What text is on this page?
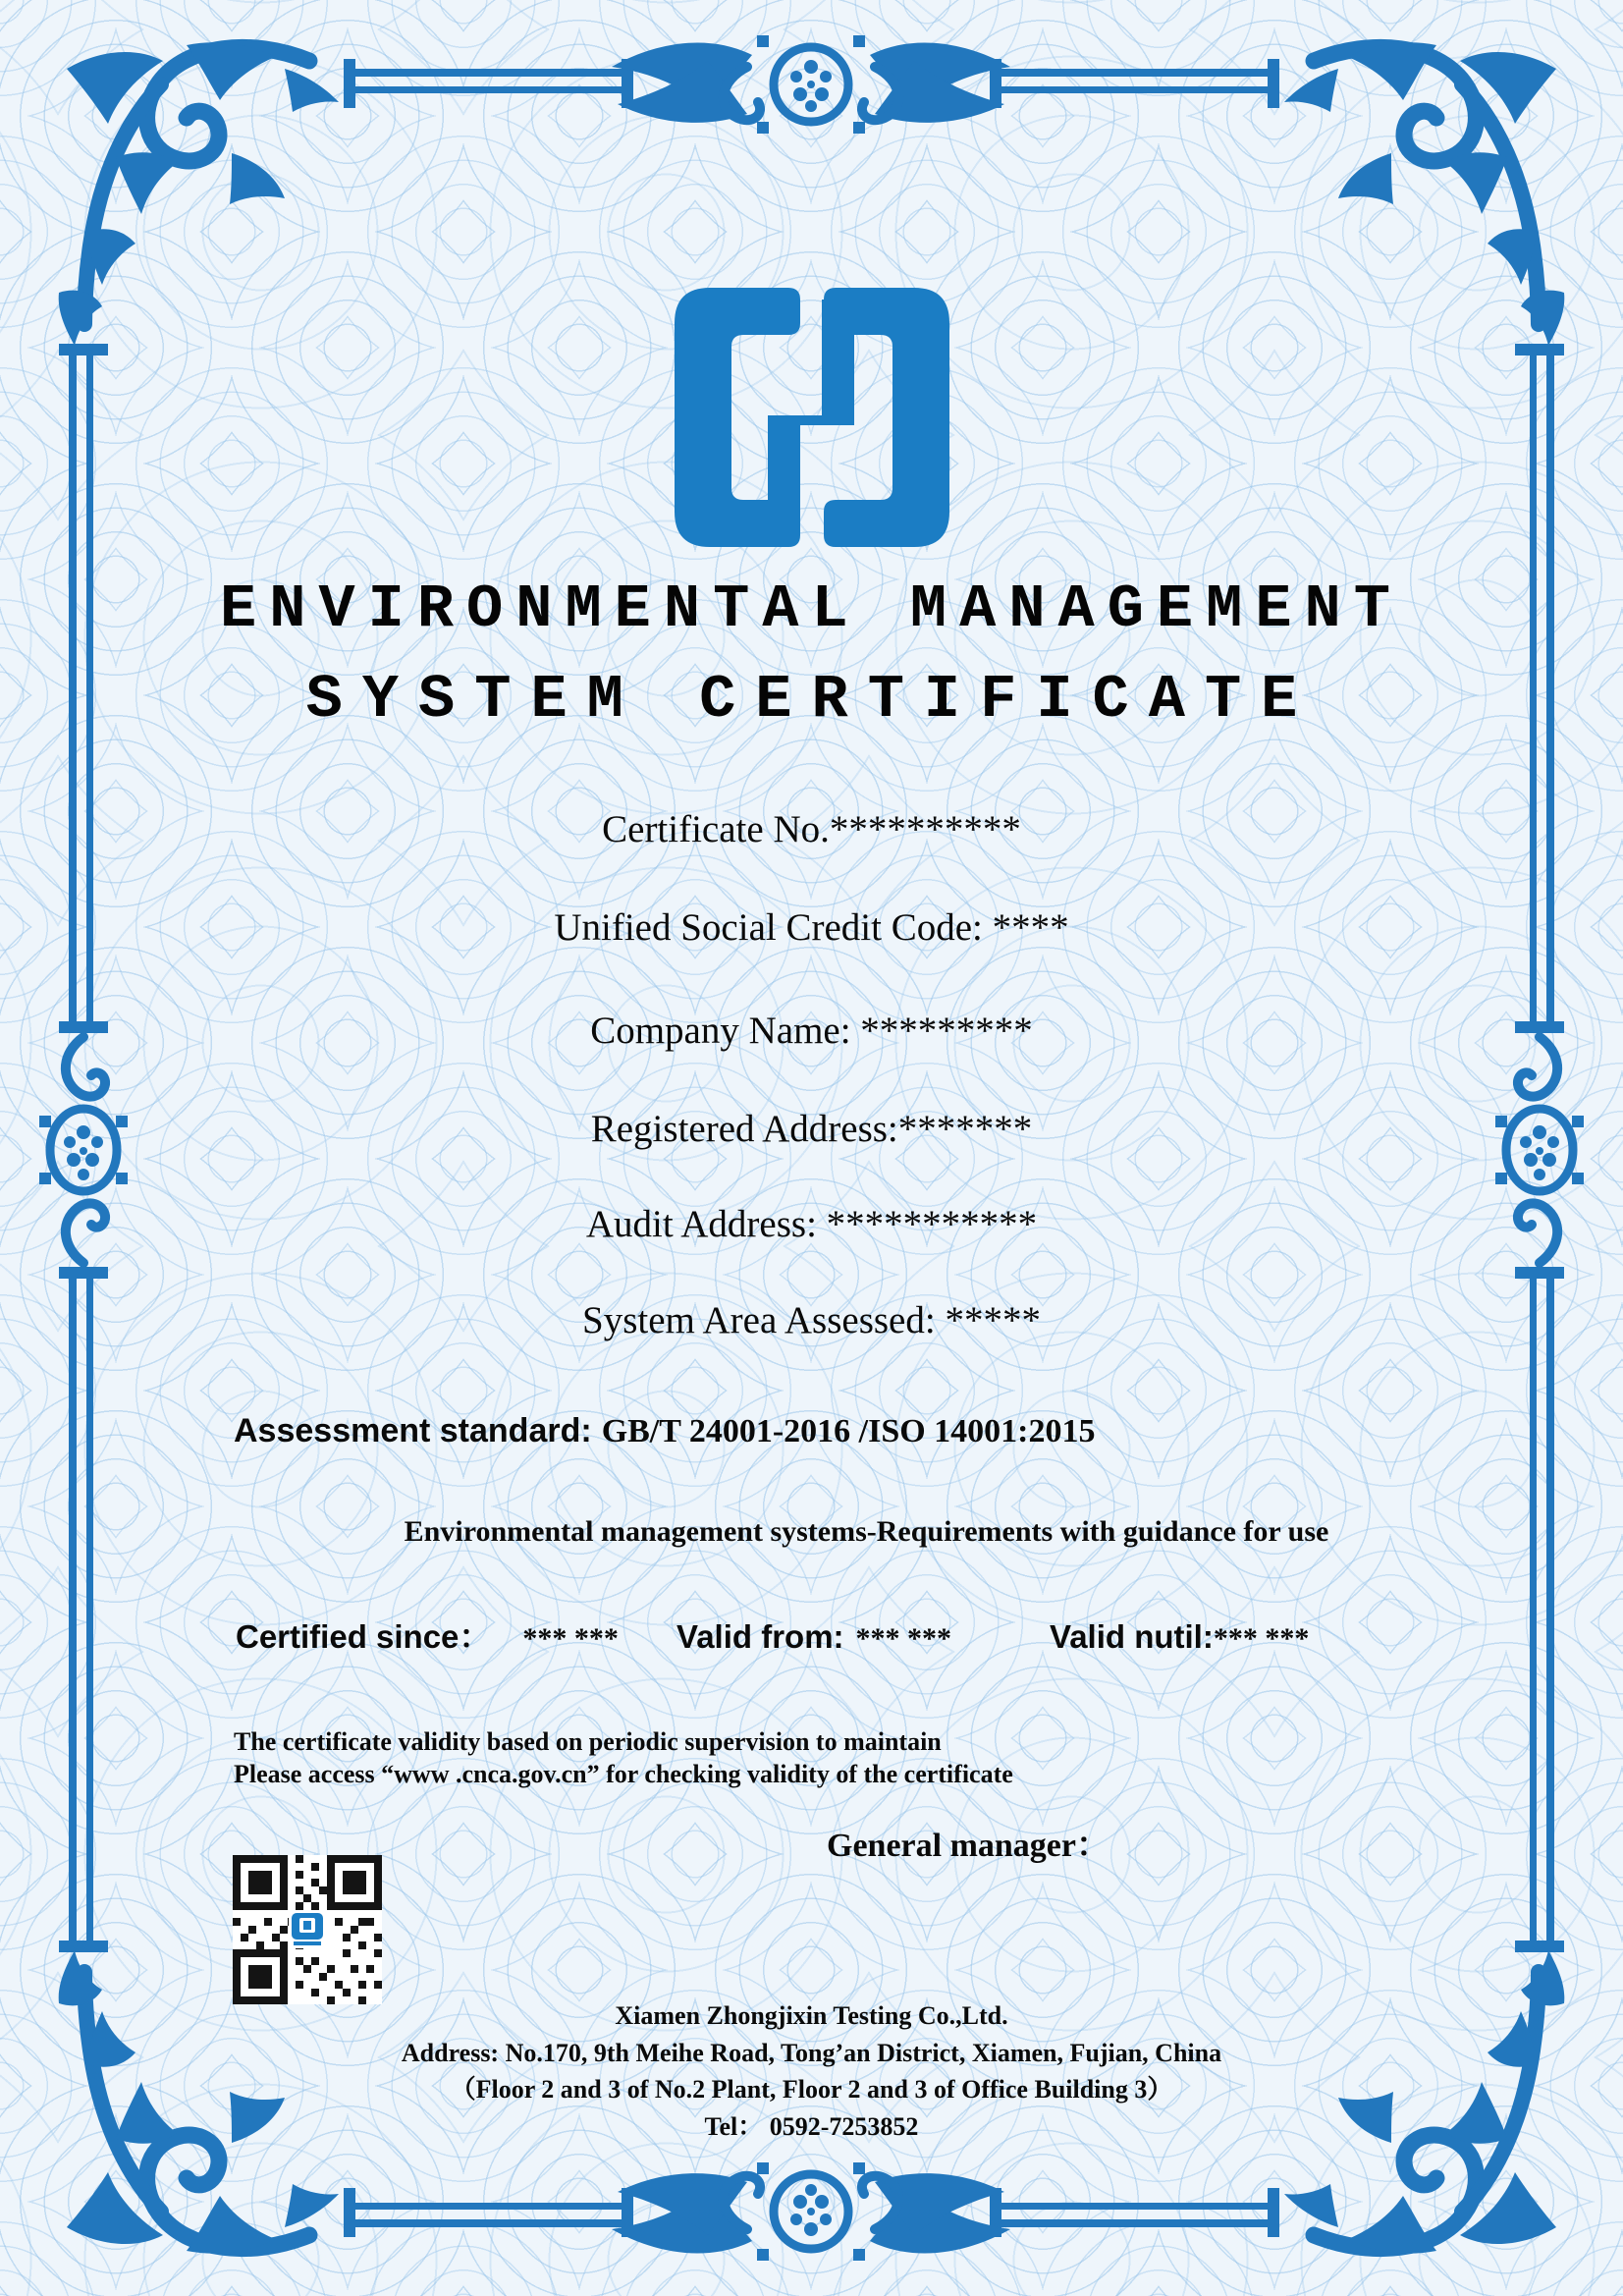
ENVIRONMENTAL MANAGEMENT
SYSTEM CERTIFICATE
Certificate No.**********
Unified Social Credit Code: ****
Company Name: *********
Registered Address:*******
Audit Address: ***********
System Area Assessed: *****
Assessment standard: GB/T 24001-2016 /ISO 14001:2015
Environmental management systems-Requirements with guidance for use
Certified since： *** *** Valid from: *** ***	Valid nutil:*** ***
The certificate validity based on periodic supervision to maintain
Please access “www .cnca.gov.cn” for checking validity of the certificate
General manager：
Xiamen Zhongjixin Testing Co.,Ltd.
Address: No.170, 9th Meihe Road, Tong’an District, Xiamen, Fujian, China
（Floor 2 and 3 of No.2 Plant, Floor 2 and 3 of Office Building 3）
Tel： 0592-7253852
